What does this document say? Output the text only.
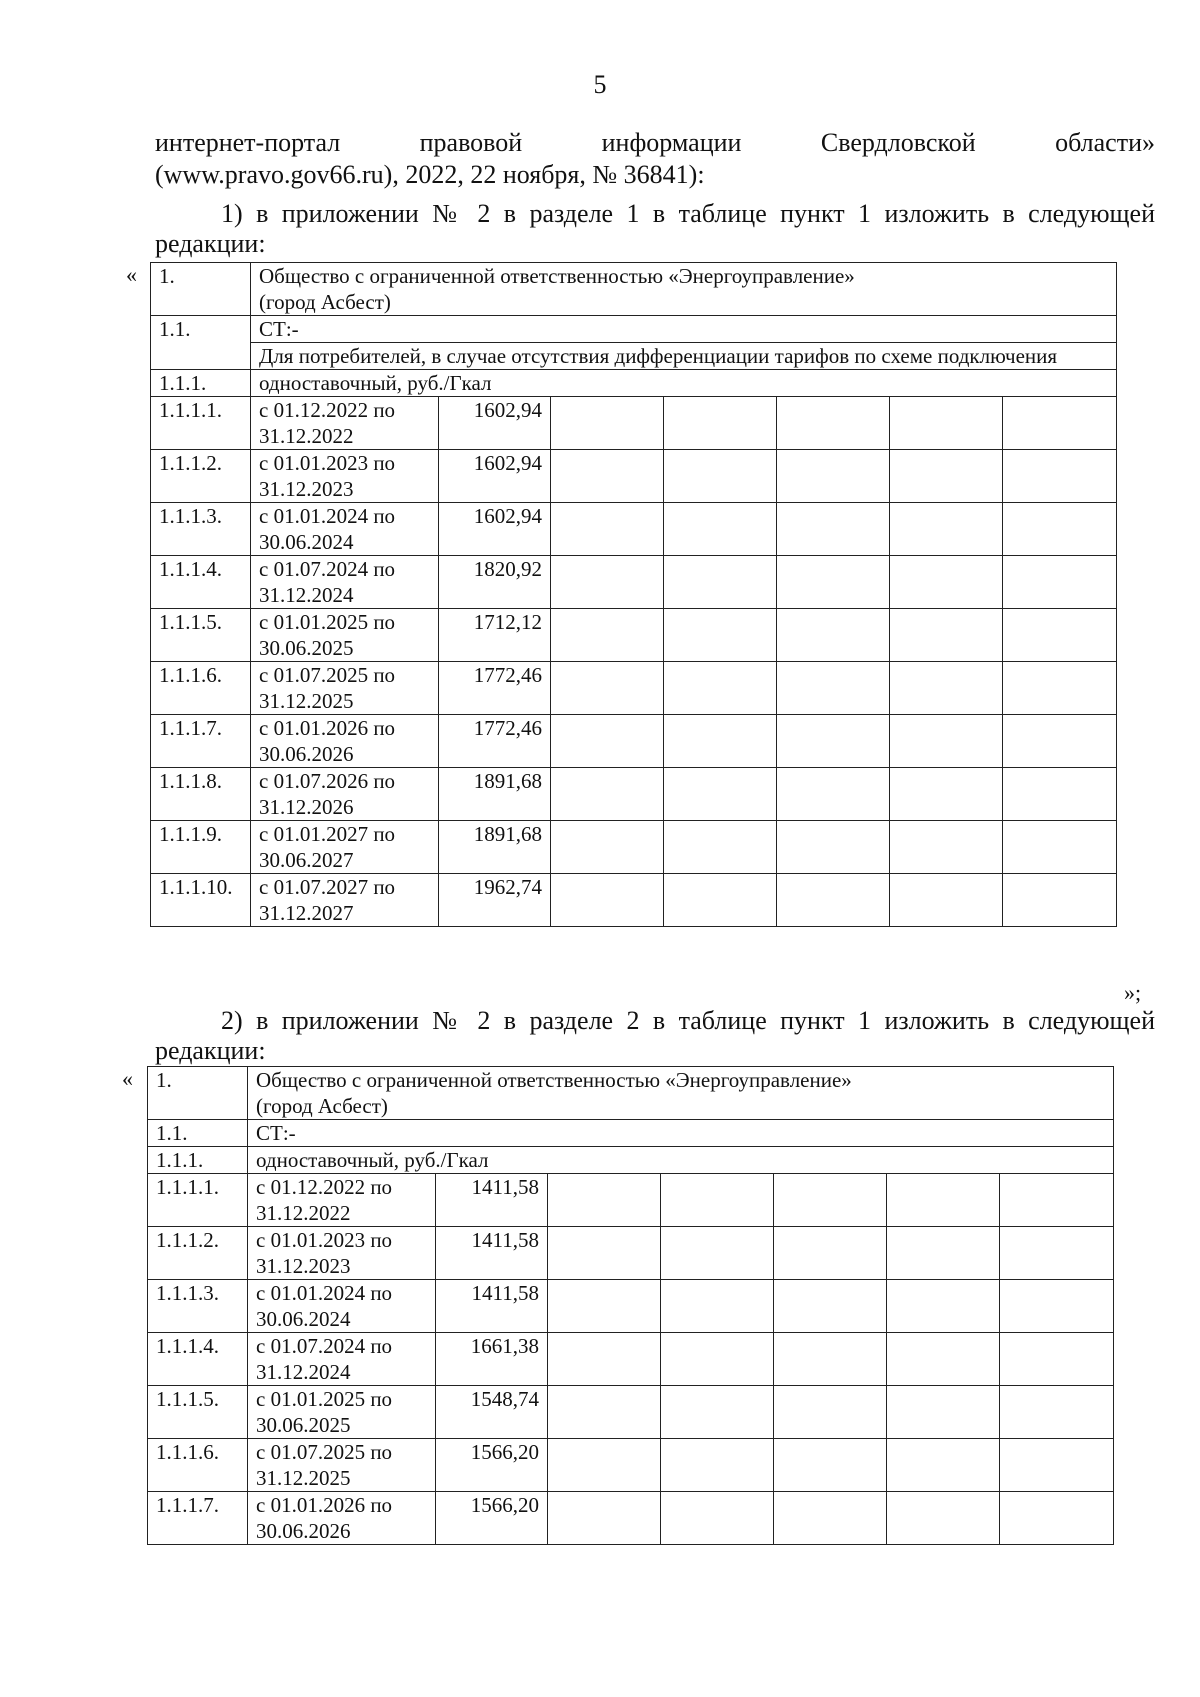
5

интернет-портал правовой информации Свердловской области»

(www.pravo.gov66.ru), 2022, 22 ноября, № 36841):

1) в приложении № 2 в разделе 1 в таблице пункт 1 изложить в следующей

редакции:

« 1.	Общество с ограниченной ответственностью «Энергоуправление»
(город Асбест)						
1.1.	СТ:-						
	Для потребителей, в случае отсутствия дифференциации тарифов по схеме подключения						
1.1.1.	одноставочный, руб./Гкал						
1.1.1.1.	с 01.12.2022 по
31.12.2022	1602,94					
1.1.1.2.	с 01.01.2023 по
31.12.2023	1602,94					
1.1.1.3.	с 01.01.2024 по
30.06.2024	1602,94					
1.1.1.4.	с 01.07.2024 по
31.12.2024	1820,92					
1.1.1.5.	с 01.01.2025 по
30.06.2025	1712,12					
1.1.1.6.	с 01.07.2025 по
31.12.2025	1772,46					
1.1.1.7.	с 01.01.2026 по
30.06.2026	1772,46					
1.1.1.8.	с 01.07.2026 по
31.12.2026	1891,68					
1.1.1.9.	с 01.01.2027 по
30.06.2027	1891,68					
1.1.1.10.	с 01.07.2027 по
31.12.2027	1962,74					
»;

2) в приложении № 2 в разделе 2 в таблице пункт 1 изложить в следующей

редакции:

« 1.	Общество с ограниченной ответственностью «Энергоуправление»
(город Асбест)						
1.1.	СТ:-						
1.1.1.	одноставочный, руб./Гкал						
1.1.1.1.	с 01.12.2022 по
31.12.2022	1411,58					
1.1.1.2.	с 01.01.2023 по
31.12.2023	1411,58					
1.1.1.3.	с 01.01.2024 по
30.06.2024	1411,58					
1.1.1.4.	с 01.07.2024 по
31.12.2024	1661,38					
1.1.1.5.	с 01.01.2025 по
30.06.2025	1548,74					
1.1.1.6.	с 01.07.2025 по
31.12.2025	1566,20					
1.1.1.7.	с 01.01.2026 по
30.06.2026	1566,20					
